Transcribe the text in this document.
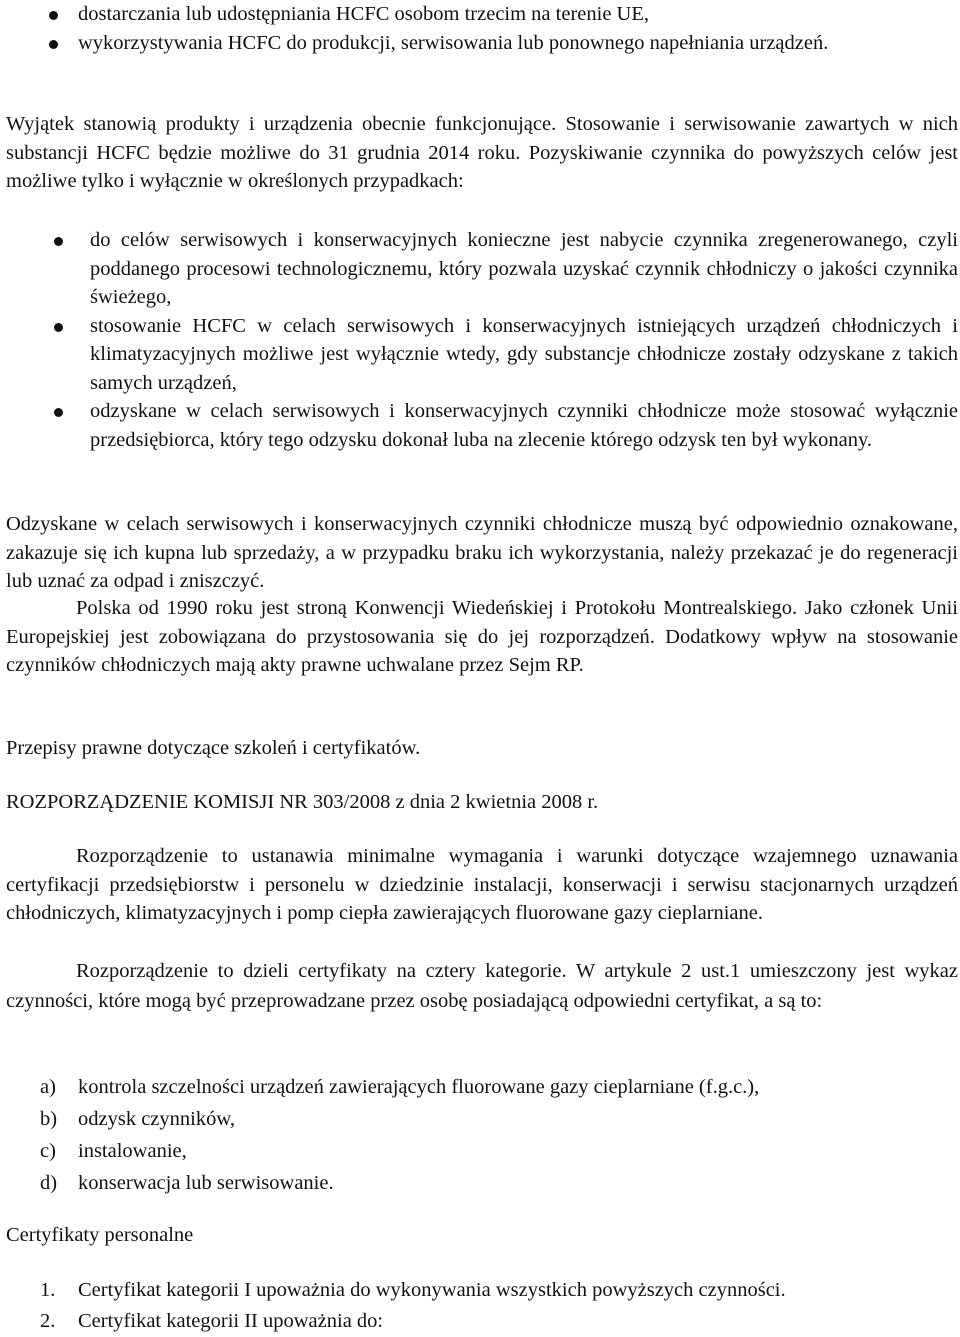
dostarczania lub udostępniania HCFC osobom trzecim na terenie UE,
wykorzystywania HCFC do produkcji, serwisowania lub ponownego napełniania urządzeń.

Wyjątek stanowią produkty i urządzenia obecnie funkcjonujące. Stosowanie i serwisowanie zawartych w nich substancji HCFC będzie możliwe do 31 grudnia 2014 roku. Pozyskiwanie czynnika do powyższych celów jest możliwe tylko i wyłącznie w określonych przypadkach:

do celów serwisowych i konserwacyjnych konieczne jest nabycie czynnika zregenerowanego, czyli poddanego procesowi technologicznemu, który pozwala uzyskać czynnik chłodniczy o jakości czynnika świeżego,
stosowanie HCFC w celach serwisowych i konserwacyjnych istniejących urządzeń chłodniczych i klimatyzacyjnych możliwe jest wyłącznie wtedy, gdy substancje chłodnicze zostały odzyskane z takich samych urządzeń,
odzyskane w celach serwisowych i konserwacyjnych czynniki chłodnicze może stosować wyłącznie przedsiębiorca, który tego odzysku dokonał luba na zlecenie którego odzysk ten był wykonany.

Odzyskane w celach serwisowych i konserwacyjnych czynniki chłodnicze muszą być odpowiednio oznakowane, zakazuje się ich kupna lub sprzedaży, a w przypadku braku ich wykorzystania, należy przekazać je do regeneracji lub uznać za odpad i zniszczyć.

Polska od 1990 roku jest stroną Konwencji Wiedeńskiej i Protokołu Montrealskiego. Jako członek Unii Europejskiej jest zobowiązana do przystosowania się do jej rozporządzeń. Dodatkowy wpływ na stosowanie czynników chłodniczych mają akty prawne uchwalane przez Sejm RP.

Przepisy prawne dotyczące szkoleń i certyfikatów.

ROZPORZĄDZENIE KOMISJI NR 303/2008 z dnia 2 kwietnia 2008 r.

Rozporządzenie to ustanawia minimalne wymagania i warunki dotyczące wzajemnego uznawania certyfikacji przedsiębiorstw i personelu w dziedzinie instalacji, konserwacji i serwisu stacjonarnych urządzeń chłodniczych, klimatyzacyjnych i pomp ciepła zawierających fluorowane gazy cieplarniane.

Rozporządzenie to dzieli certyfikaty na cztery kategorie. W artykule 2 ust.1 umieszczony jest wykaz czynności, które mogą być przeprowadzane przez osobę posiadającą odpowiedni certyfikat, a są to:

a) kontrola szczelności urządzeń zawierających fluorowane gazy cieplarniane (f.g.c.),
b) odzysk czynników,
c) instalowanie,
d) konserwacja lub serwisowanie.

Certyfikaty personalne

1. Certyfikat kategorii I upoważnia do wykonywania wszystkich powyższych czynności.
2. Certyfikat kategorii II upoważnia do:
